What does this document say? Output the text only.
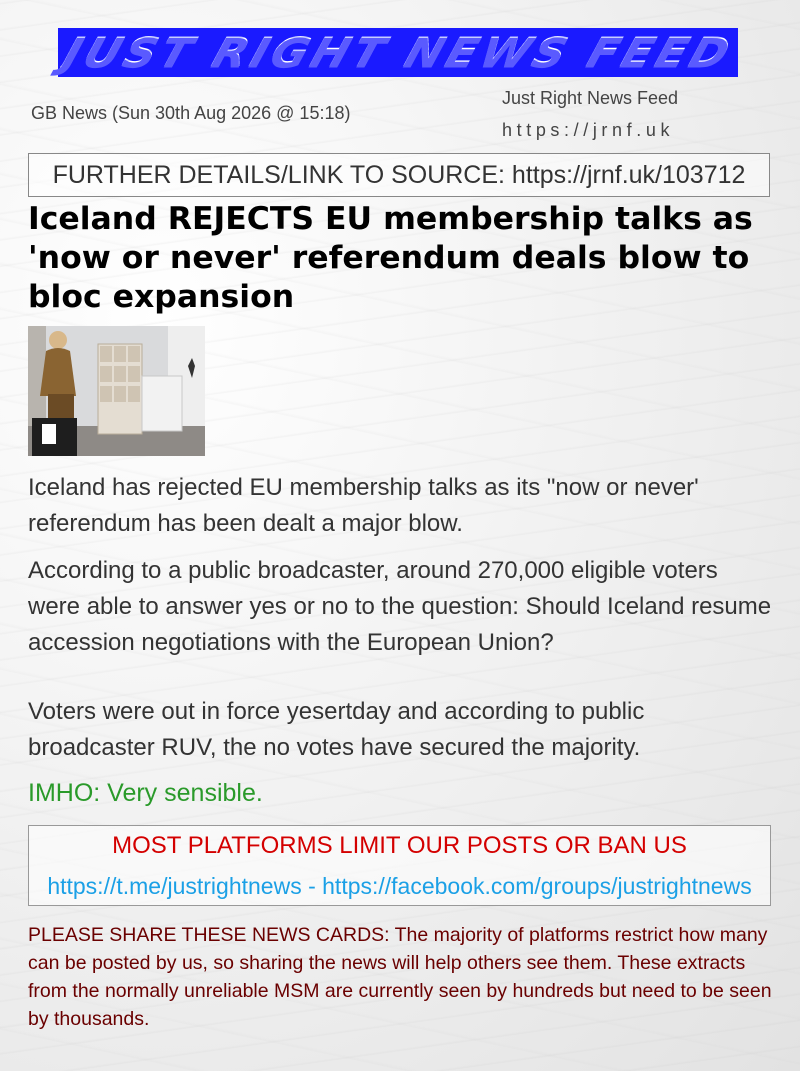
JUST RIGHT NEWS FEED
GB News (Sun 30th Aug 2026 @ 15:18)
Just Right News Feed
https://jrnf.uk
FURTHER DETAILS/LINK TO SOURCE: https://jrnf.uk/103712
Iceland REJECTS EU membership talks as 'now or never' referendum deals blow to bloc expansion

Iceland has rejected EU membership talks as its "now or never' referendum has been dealt a major blow.

According to a public broadcaster, around 270,000 eligible voters were able to answer yes or no to the question: Should Iceland resume accession negotiations with the European Union?

Voters were out in force yesertday and according to public broadcaster RUV, the no votes have secured the majority.

IMHO: Very sensible.
MOST PLATFORMS LIMIT OUR POSTS OR BAN US
https://t.me/justrightnews - https://facebook.com/groups/justrightnews

PLEASE SHARE THESE NEWS CARDS: The majority of platforms restrict how many can be posted by us, so sharing the news will help others see them. These extracts from the normally unreliable MSM are currently seen by hundreds but need to be seen by thousands.
